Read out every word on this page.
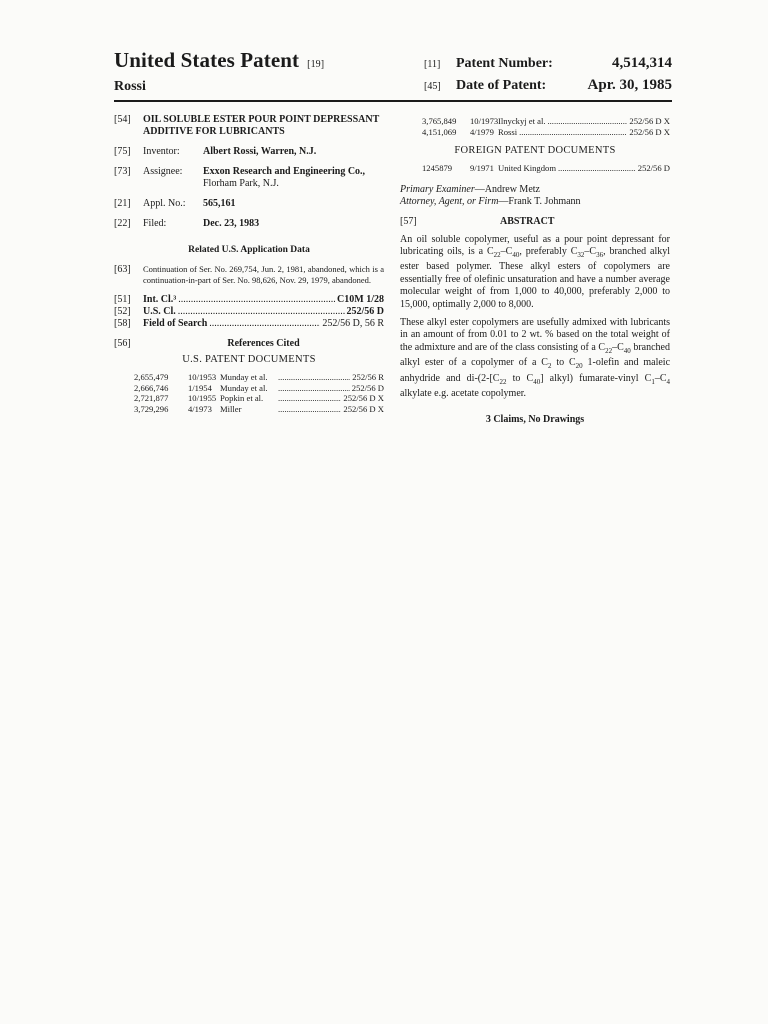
United States Patent [19]
Rossi
[11]	Patent Number:	4,514,314
[45]	Date of Patent:	Apr. 30, 1985
[54]	OIL SOLUBLE ESTER POUR POINT DEPRESSANT ADDITIVE FOR LUBRICANTS
[75]	Inventor:	Albert Rossi, Warren, N.J.
[73]	Assignee:	Exxon Research and Engineering Co.,
Florham Park, N.J.
[21]	Appl. No.:	565,161
[22]	Filed:	Dec. 23, 1983
Related U.S. Application Data
[63]	Continuation of Ser. No. 269,754, Jun. 2, 1981, abandoned, which is a continuation-in-part of Ser. No. 98,626, Nov. 29, 1979, abandoned.
[51]	Int. Cl.³ .....	C10M 1/28
[52]	U.S. Cl. .....	252/56 D
[58]	Field of Search .....	252/56 D, 56 R
[56]	References Cited
U.S. PATENT DOCUMENTS
2,655,479	10/1953 Munday et al. .....	252/56 R
2,666,746	1/1954 Munday et al. .....	252/56 D
2,721,877	10/1955 Popkin et al. .....	252/56 D X
3,729,296	4/1973 Miller .....	252/56 D X
3,765,849	10/1973 Ilnyckyj et al. .....	252/56 D X
4,151,069	4/1979 Rossi .....	252/56 D X
FOREIGN PATENT DOCUMENTS
1245879	9/1971 United Kingdom .....	252/56 D
Primary Examiner—Andrew Metz
Attorney, Agent, or Firm—Frank T. Johmann
[57]	ABSTRACT

An oil soluble copolymer, useful as a pour point depressant for lubricating oils, is a $C_{22}-C_{40}$, preferably $C_{32}-C_{36}$, branched alkyl ester based polymer. These alkyl esters of copolymers are essentially free of olefinic unsaturation and have a number average molecular weight of from 1,000 to 40,000, preferably 2,000 to 15,000, optimally 2,000 to 8,000.

These alkyl ester copolymers are usefully admixed with lubricants in an amount of from 0.01 to 2 wt. % based on the total weight of the admixture and are of the class consisting of a $C_{22}-C_{40}$ branched alkyl ester of a copolymer of a $C_2$ to $C_{20}$ 1-olefin and maleic anhydride and $di-(2-[C_{22}$ to $C_{40}$] alkyl) fumarate-vinyl $C_1-C_4$ alkylate e.g. acetate copolymer.

3 Claims, No Drawings
